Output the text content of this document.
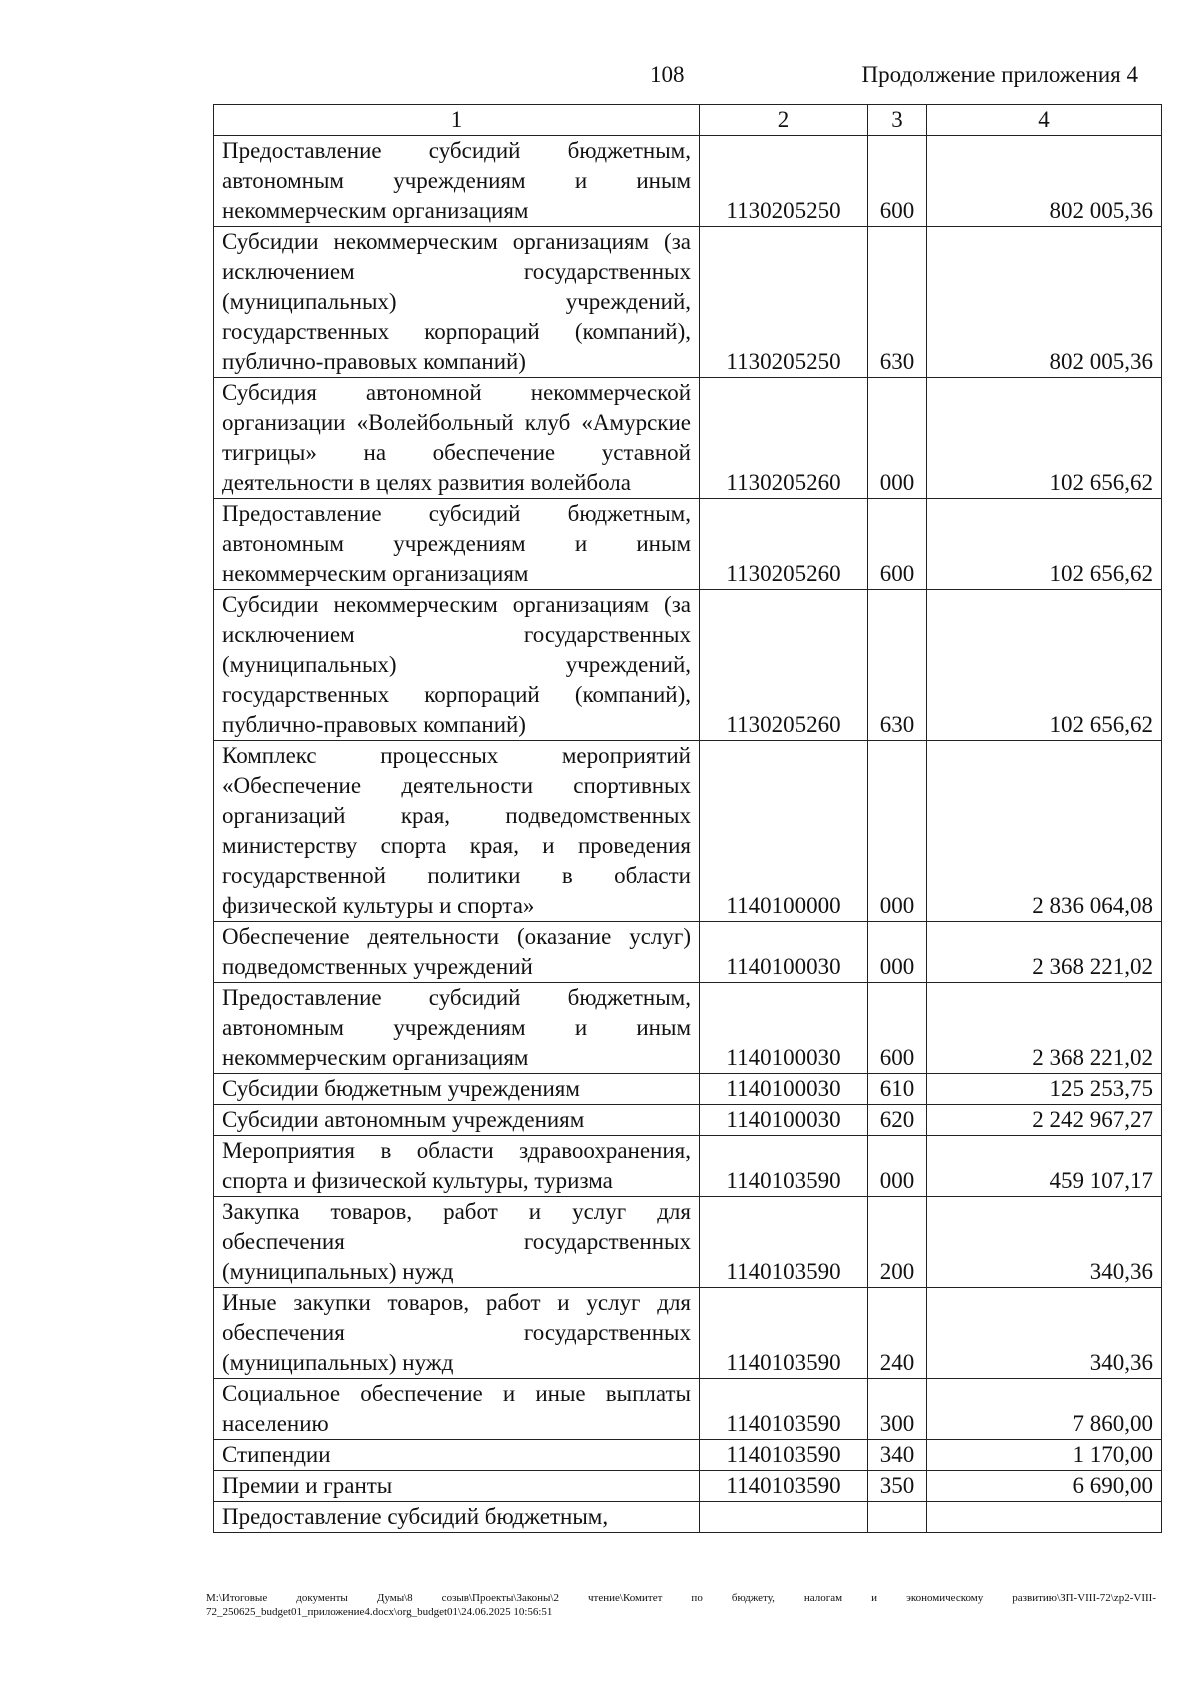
108	Продолжение приложения 4
1	2	3	4
Предоставление субсидий бюджетным, автономным учреждениям и иным некоммерческим организациям	1130205250	600	802 005,36
Субсидии некоммерческим организациям (за исключением государственных (муниципальных) учреждений, государственных корпораций (компаний), публично-правовых компаний)	1130205250	630	802 005,36
Субсидия автономной некоммерческой организации «Волейбольный клуб «Амурские тигрицы» на обеспечение уставной деятельности в целях развития волейбола	1130205260	000	102 656,62
Предоставление субсидий бюджетным, автономным учреждениям и иным некоммерческим организациям	1130205260	600	102 656,62
Субсидии некоммерческим организациям (за исключением государственных (муниципальных) учреждений, государственных корпораций (компаний), публично-правовых компаний)	1130205260	630	102 656,62
Комплекс процессных мероприятий «Обеспечение деятельности спортивных организаций края, подведомственных министерству спорта края, и проведения государственной политики в области физической культуры и спорта»	1140100000	000	2 836 064,08
Обеспечение деятельности (оказание услуг) подведомственных учреждений	1140100030	000	2 368 221,02
Предоставление субсидий бюджетным, автономным учреждениям и иным некоммерческим организациям	1140100030	600	2 368 221,02
Субсидии бюджетным учреждениям	1140100030	610	125 253,75
Субсидии автономным учреждениям	1140100030	620	2 242 967,27
Мероприятия в области здравоохранения, спорта и физической культуры, туризма	1140103590	000	459 107,17
Закупка товаров, работ и услуг для обеспечения государственных (муниципальных) нужд	1140103590	200	340,36
Иные закупки товаров, работ и услуг для обеспечения государственных (муниципальных) нужд	1140103590	240	340,36
Социальное обеспечение и иные выплаты населению	1140103590	300	7 860,00
Стипендии	1140103590	340	1 170,00
Премии и гранты	1140103590	350	6 690,00
Предоставление субсидий бюджетным,			
M:\Итоговые документы Думы\8 созыв\Проекты\Законы\2 чтение\Комитет по бюджету, налогам и экономическому развитию\ЗП-VIII-72\zp2-VIII-72_250625_budget01_приложение4.docx\org_budget01\24.06.2025 10:56:51
